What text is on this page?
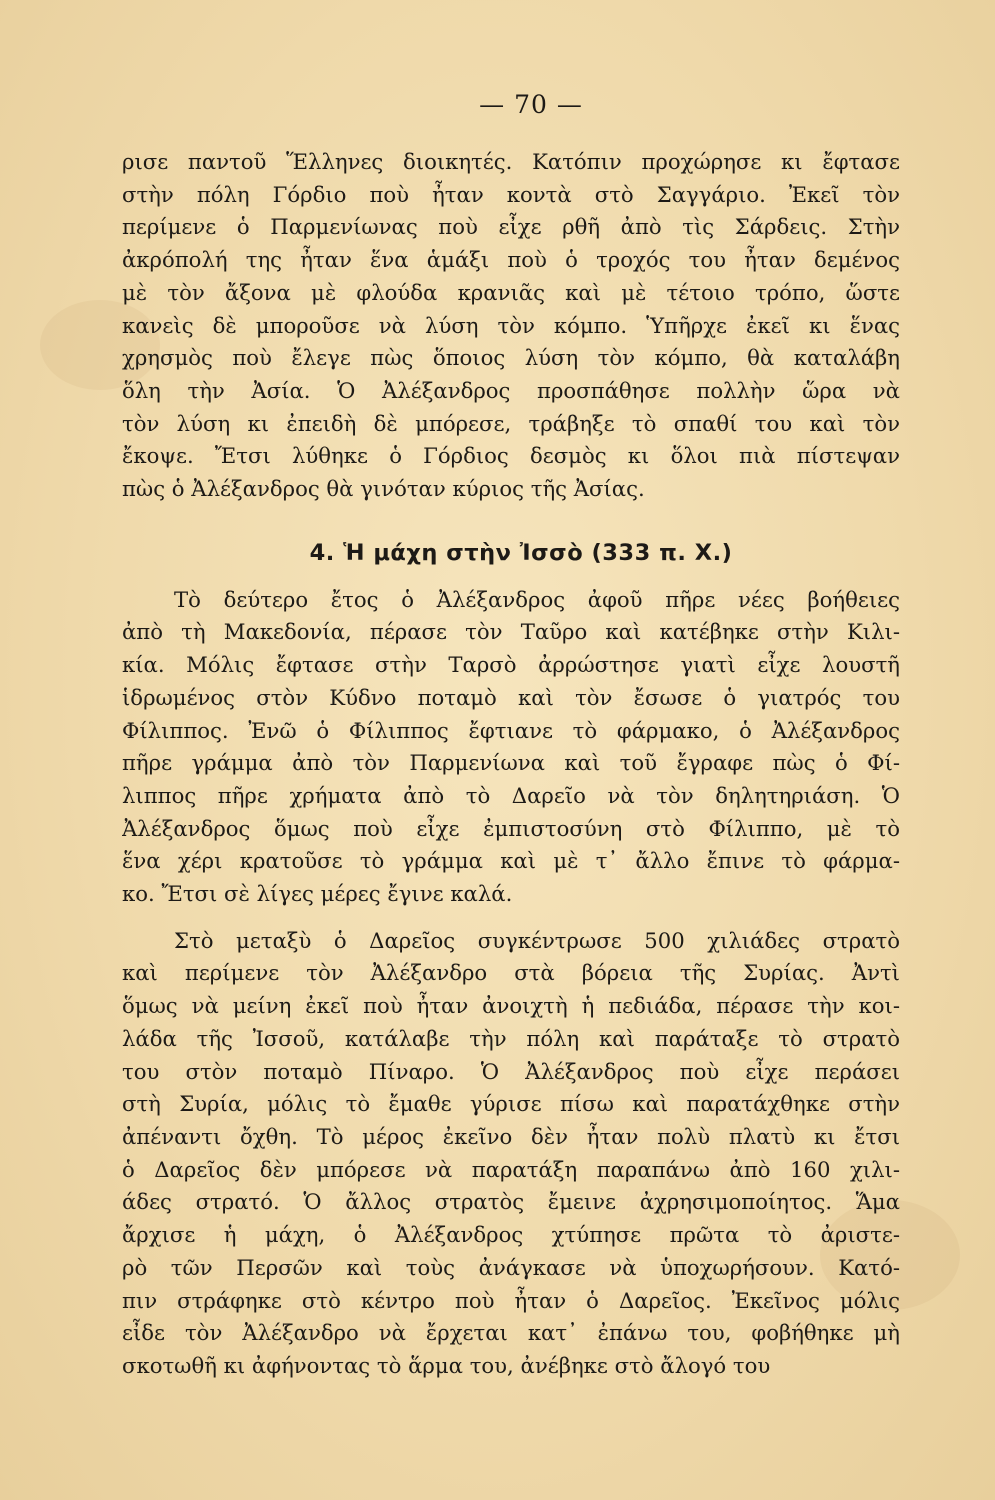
— 70 —
ρισε παντοῦ Ἕλληνες διοικητές. Κατόπιν προχώρησε κι ἔφτασε
στὴν πόλη Γόρδιο ποὺ ἦταν κοντὰ στὸ Σαγγάριο. Ἐκεῖ τὸν
περίμενε ὁ Παρμενίωνας ποὺ εἶχε ρθῆ ἀπὸ τὶς Σάρδεις. Στὴν
ἀκρόπολή της ἦταν ἕνα ἁμάξι ποὺ ὁ τροχός του ἦταν δεμένος
μὲ τὸν ἄξονα μὲ φλούδα κρανιᾶς καὶ μὲ τέτοιο τρόπο, ὥστε
κανεὶς δὲ μποροῦσε νὰ λύση τὸν κόμπο. Ὑπῆρχε ἐκεῖ κι ἕνας
χρησμὸς ποὺ ἔλεγε πὼς ὅποιος λύση τὸν κόμπο, θὰ καταλάβη
ὅλη τὴν Ἀσία. Ὁ Ἀλέξανδρος προσπάθησε πολλὴν ὥρα νὰ
τὸν λύση κι ἐπειδὴ δὲ μπόρεσε, τράβηξε τὸ σπαθί του καὶ τὸν
ἔκοψε. Ἔτσι λύθηκε ὁ Γόρδιος δεσμὸς κι ὅλοι πιὰ πίστεψαν
πὼς ὁ Ἀλέξανδρος θὰ γινόταν κύριος τῆς Ἀσίας.
4. Ἡ μάχη στὴν Ἰσσὸ (333 π. Χ.)
Τὸ δεύτερο ἔτος ὁ Ἀλέξανδρος ἀφοῦ πῆρε νέες βοήθειες
ἀπὸ τὴ Μακεδονία, πέρασε τὸν Ταῦρο καὶ κατέβηκε στὴν Κιλι-
κία. Μόλις ἔφτασε στὴν Ταρσὸ ἀρρώστησε γιατὶ εἶχε λουστῆ
ἱδρωμένος στὸν Κύδνο ποταμὸ καὶ τὸν ἔσωσε ὁ γιατρός του
Φίλιππος. Ἐνῶ ὁ Φίλιππος ἔφτιανε τὸ φάρμακο, ὁ Ἀλέξανδρος
πῆρε γράμμα ἀπὸ τὸν Παρμενίωνα καὶ τοῦ ἔγραφε πὼς ὁ Φί-
λιππος πῆρε χρήματα ἀπὸ τὸ Δαρεῖο νὰ τὸν δηλητηριάση. Ὁ
Ἀλέξανδρος ὅμως ποὺ εἶχε ἐμπιστοσύνη στὸ Φίλιππο, μὲ τὸ
ἕνα χέρι κρατοῦσε τὸ γράμμα καὶ μὲ τ᾿ ἄλλο ἔπινε τὸ φάρμα-
κο. Ἔτσι σὲ λίγες μέρες ἔγινε καλά.
Στὸ μεταξὺ ὁ Δαρεῖος συγκέντρωσε 500 χιλιάδες στρατὸ
καὶ περίμενε τὸν Ἀλέξανδρο στὰ βόρεια τῆς Συρίας. Ἀντὶ
ὅμως νὰ μείνη ἐκεῖ ποὺ ἦταν ἀνοιχτὴ ἡ πεδιάδα, πέρασε τὴν κοι-
λάδα τῆς Ἰσσοῦ, κατάλαβε τὴν πόλη καὶ παράταξε τὸ στρατὸ
του στὸν ποταμὸ Πίναρο. Ὁ Ἀλέξανδρος ποὺ εἶχε περάσει
στὴ Συρία, μόλις τὸ ἔμαθε γύρισε πίσω καὶ παρατάχθηκε στὴν
ἀπέναντι ὄχθη. Τὸ μέρος ἐκεῖνο δὲν ἦταν πολὺ πλατὺ κι ἔτσι
ὁ Δαρεῖος δὲν μπόρεσε νὰ παρατάξη παραπάνω ἀπὸ 160 χιλι-
άδες στρατό. Ὁ ἄλλος στρατὸς ἔμεινε ἀχρησιμοποίητος. Ἅμα
ἄρχισε ἡ μάχη, ὁ Ἀλέξανδρος χτύπησε πρῶτα τὸ ἀριστε-
ρὸ τῶν Περσῶν καὶ τοὺς ἀνάγκασε νὰ ὑποχωρήσουν. Κατό-
πιν στράφηκε στὸ κέντρο ποὺ ἦταν ὁ Δαρεῖος. Ἐκεῖνος μόλις
εἶδε τὸν Ἀλέξανδρο νὰ ἔρχεται κατ᾿ ἐπάνω του, φοβήθηκε μὴ
σκοτωθῆ κι ἀφήνοντας τὸ ἅρμα του, ἀνέβηκε στὸ ἄλογό του
